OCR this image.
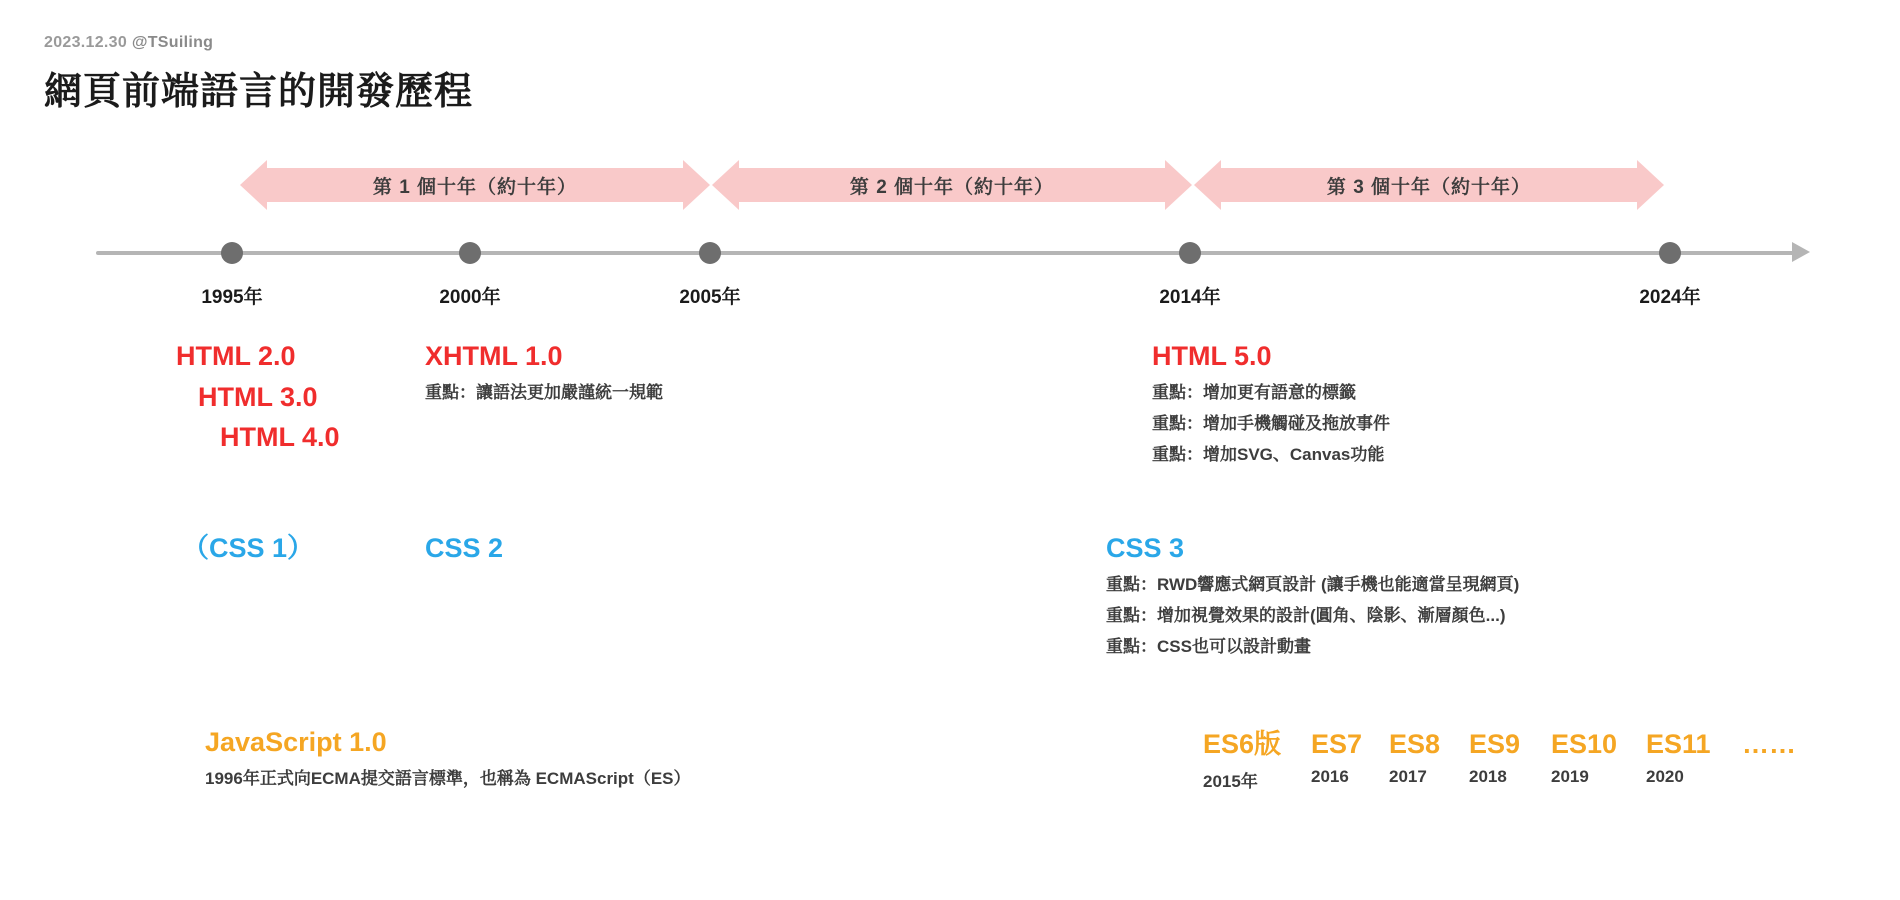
2023.12.30 @TSuiling
網頁前端語言的開發歷程
第 1 個十年（約十年）	第 2 個十年（約十年）	第 3 個十年（約十年）
1995年	2000年	2005年	2014年	2024年
HTML 2.0
HTML 3.0
HTML 4.0
XHTML 1.0
重點：讓語法更加嚴謹統一規範
HTML 5.0
重點：增加更有語意的標籤
重點：增加手機觸碰及拖放事件
重點：增加SVG、Canvas功能
（CSS 1）	CSS 2	CSS 3
重點：RWD響應式網頁設計 (讓手機也能適當呈現網頁)
重點：增加視覺效果的設計(圓角、陰影、漸層顏色...)
重點：CSS也可以設計動畫
JavaScript 1.0
1996年正式向ECMA提交語言標準，也稱為 ECMAScript（ES）
ES6版	ES7 ES8	ES9	ES10	ES11	……
2015年	2016	2017	2018	2019	2020
